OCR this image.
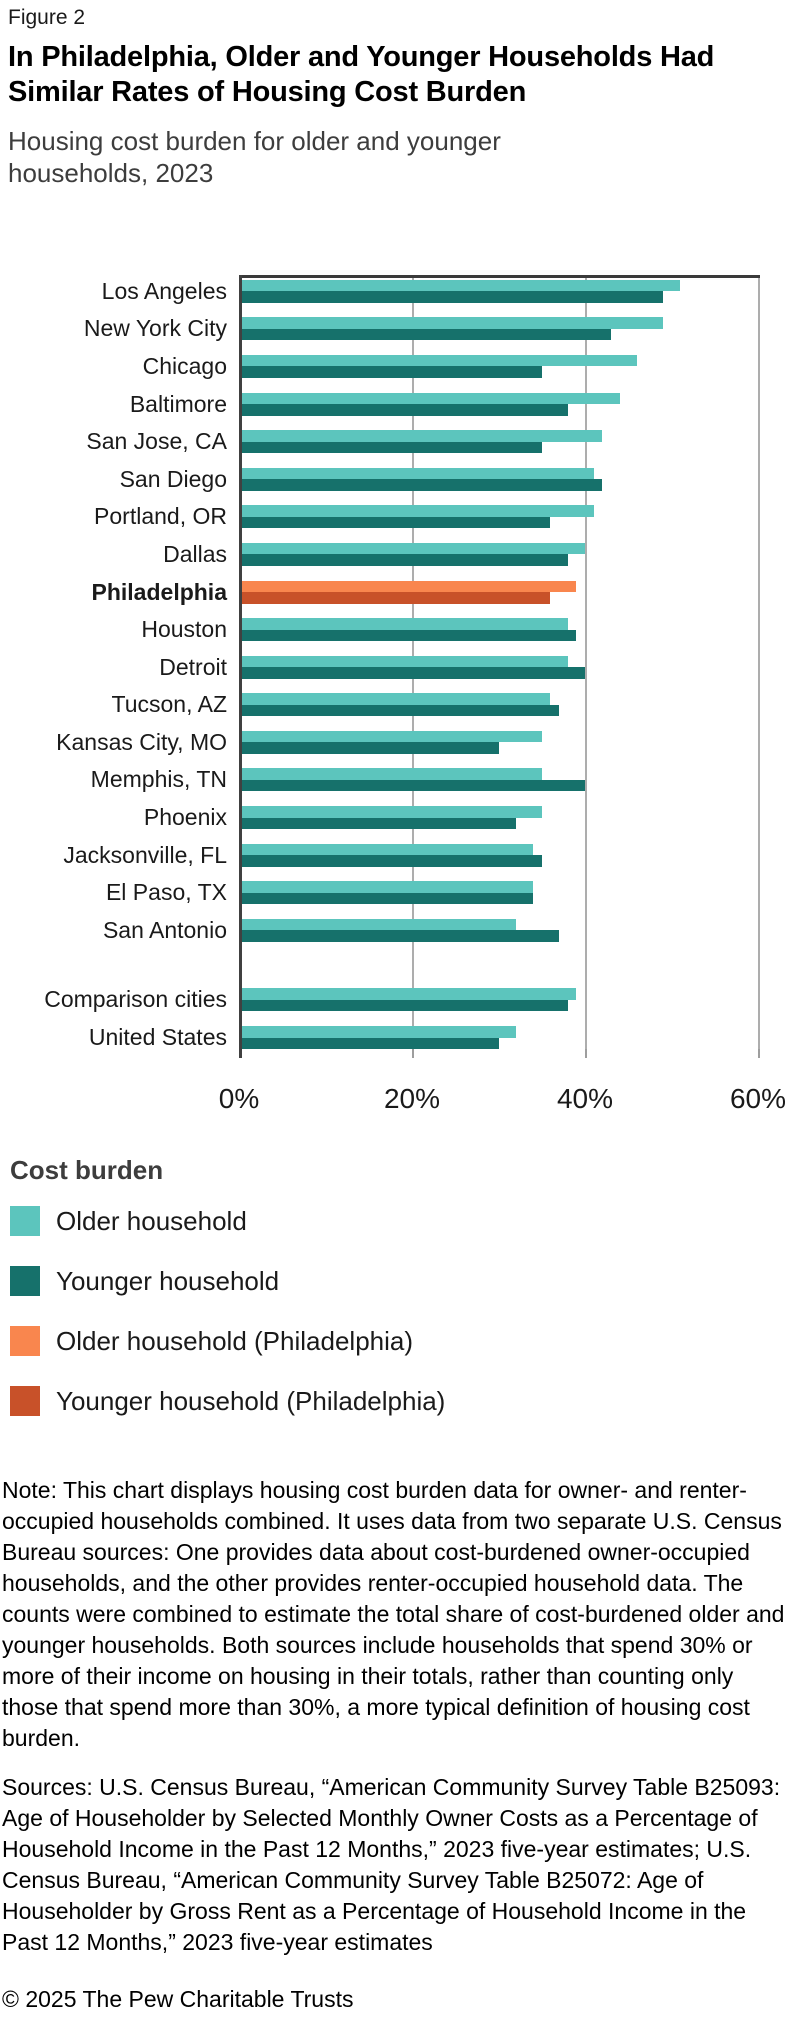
Figure 2

In Philadelphia, Older and Younger Households Had Similar Rates of Housing Cost Burden

Housing cost burden for older and younger households, 2023

Los Angeles
New York City
Chicago
Baltimore
San Jose, CA
San Diego
Portland, OR
Dallas
Philadelphia
Houston
Detroit
Tucson, AZ
Kansas City, MO
Memphis, TN
Phoenix
Jacksonville, FL
El Paso, TX
San Antonio
Comparison cities
United States
0%	20%	40%	60%

Cost burden

Older household
Younger household
Older household (Philadelphia)
Younger household (Philadelphia)

Note: This chart displays housing cost burden data for owner- and renter-occupied households combined. It uses data from two separate U.S. Census Bureau sources: One provides data about cost-burdened owner-occupied households, and the other provides renter-occupied household data. The counts were combined to estimate the total share of cost-burdened older and younger households. Both sources include households that spend 30% or more of their income on housing in their totals, rather than counting only those that spend more than 30%, a more typical definition of housing cost burden.

Sources: U.S. Census Bureau, “American Community Survey Table B25093: Age of Householder by Selected Monthly Owner Costs as a Percentage of Household Income in the Past 12 Months,” 2023 five-year estimates; U.S. Census Bureau, “American Community Survey Table B25072: Age of Householder by Gross Rent as a Percentage of Household Income in the Past 12 Months,” 2023 five-year estimates

© 2025 The Pew Charitable Trusts
